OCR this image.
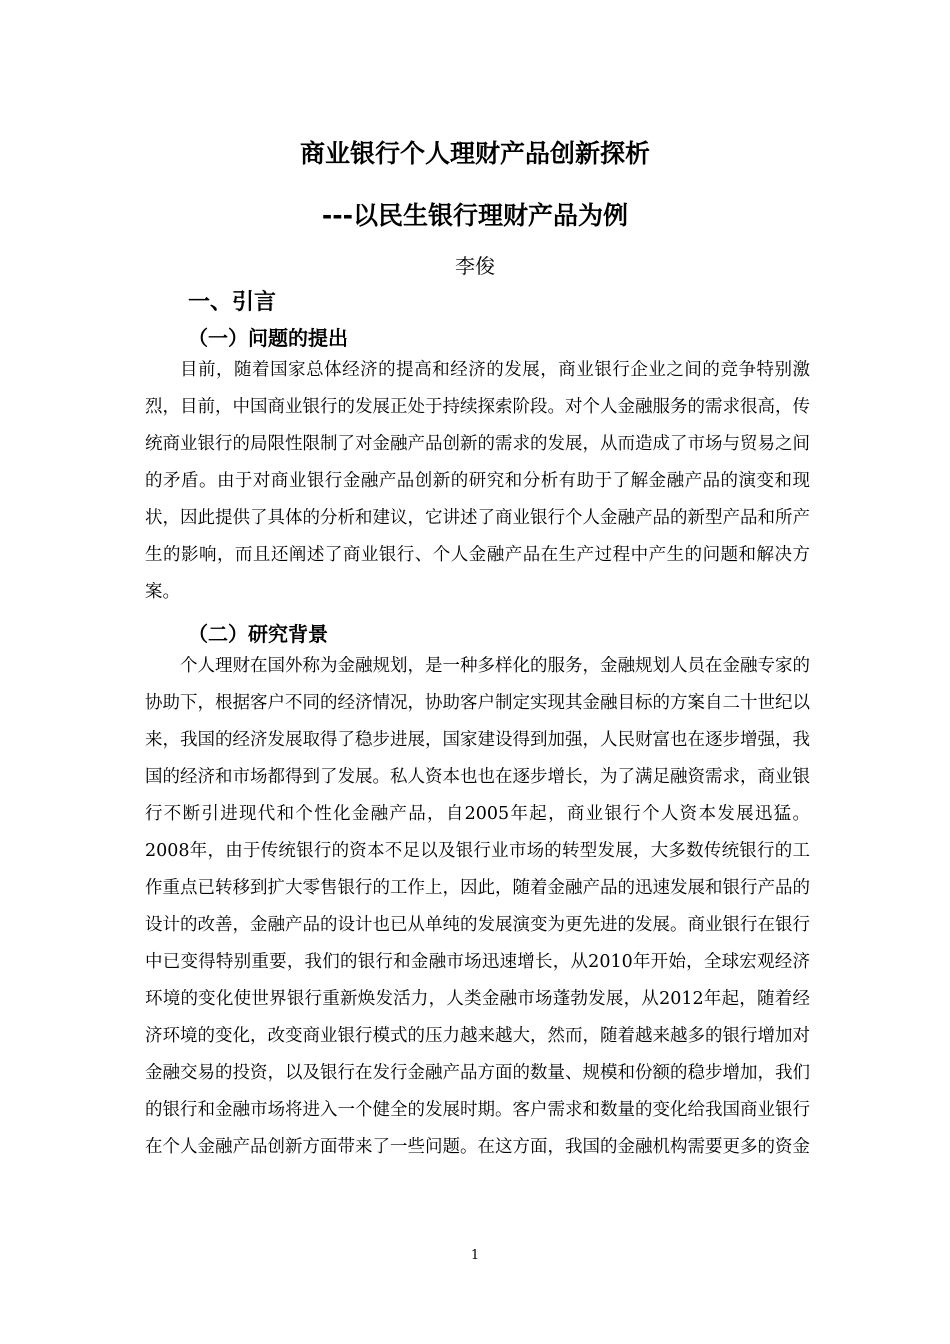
商业银行个人理财产品创新探析
---以民生银行理财产品为例
李俊
一、引言
（一）问题的提出

目前，随着国家总体经济的提高和经济的发展，商业银行企业之间的竞争特别激烈，目前，中国商业银行的发展正处于持续探索阶段。对个人金融服务的需求很高，传统商业银行的局限性限制了对金融产品创新的需求的发展，从而造成了市场与贸易之间的矛盾。由于对商业银行金融产品创新的研究和分析有助于了解金融产品的演变和现状，因此提供了具体的分析和建议，它讲述了商业银行个人金融产品的新型产品和所产生的影响，而且还阐述了商业银行、个人金融产品在生产过程中产生的问题和解决方案。

（二）研究背景

个人理财在国外称为金融规划，是一种多样化的服务，金融规划人员在金融专家的协助下，根据客户不同的经济情况，协助客户制定实现其金融目标的方案自二十世纪以来，我国的经济发展取得了稳步进展，国家建设得到加强，人民财富也在逐步增强，我国的经济和市场都得到了发展。私人资本也也在逐步增长，为了满足融资需求，商业银行不断引进现代和个性化金融产品，自2005年起，商业银行个人资本发展迅猛。2008年，由于传统银行的资本不足以及银行业市场的转型发展，大多数传统银行的工作重点已转移到扩大零售银行的工作上，因此，随着金融产品的迅速发展和银行产品的设计的改善，金融产品的设计也已从单纯的发展演变为更先进的发展。商业银行在银行中已变得特别重要，我们的银行和金融市场迅速增长，从2010年开始，全球宏观经济环境的变化使世界银行重新焕发活力，人类金融市场蓬勃发展，从2012年起，随着经济环境的变化，改变商业银行模式的压力越来越大，然而，随着越来越多的银行增加对金融交易的投资，以及银行在发行金融产品方面的数量、规模和份额的稳步增加，我们的银行和金融市场将进入一个健全的发展时期。客户需求和数量的变化给我国商业银行在个人金融产品创新方面带来了一些问题。在这方面，我国的金融机构需要更多的资金

1
